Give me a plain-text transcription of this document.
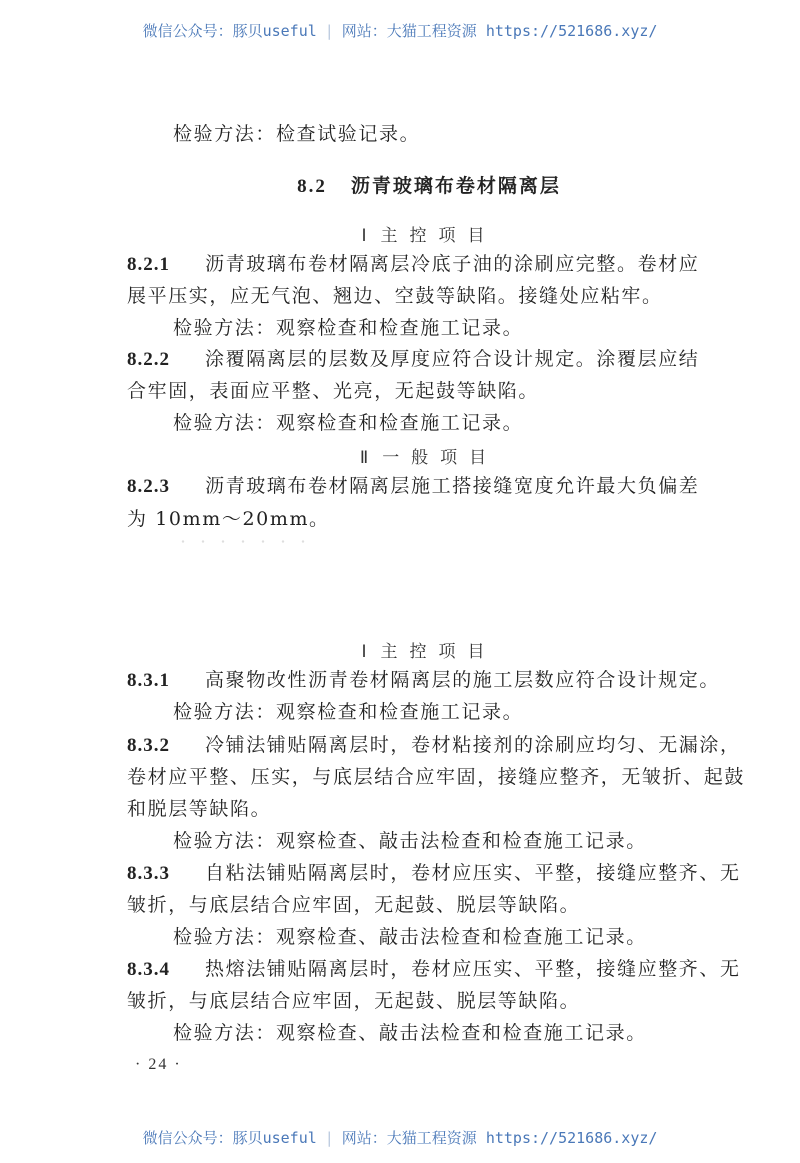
微信公众号：豚贝useful | 网站：大猫工程资源 https://521686.xyz/
检验方法：检查试验记录。
8.2 沥青玻璃布卷材隔离层
Ⅰ 主控项目
8.2.1 沥青玻璃布卷材隔离层冷底子油的涂刷应完整。卷材应
展平压实，应无气泡、翘边、空鼓等缺陷。接缝处应粘牢。
检验方法：观察检查和检查施工记录。
8.2.2 涂覆隔离层的层数及厚度应符合设计规定。涂覆层应结
合牢固，表面应平整、光亮，无起鼓等缺陷。
检验方法：观察检查和检查施工记录。
Ⅱ 一般项目
8.2.3 沥青玻璃布卷材隔离层施工搭接缝宽度允许最大负偏差
为 10mm～20mm。
Ⅰ 主控项目
8.3.1 高聚物改性沥青卷材隔离层的施工层数应符合设计规定。
检验方法：观察检查和检查施工记录。
8.3.2 冷铺法铺贴隔离层时，卷材粘接剂的涂刷应均匀、无漏涂，
卷材应平整、压实，与底层结合应牢固，接缝应整齐，无皱折、起鼓
和脱层等缺陷。
检验方法：观察检查、敲击法检查和检查施工记录。
8.3.3 自粘法铺贴隔离层时，卷材应压实、平整，接缝应整齐、无
皱折，与底层结合应牢固，无起鼓、脱层等缺陷。
检验方法：观察检查、敲击法检查和检查施工记录。
8.3.4 热熔法铺贴隔离层时，卷材应压实、平整，接缝应整齐、无
皱折，与底层结合应牢固，无起鼓、脱层等缺陷。
检验方法：观察检查、敲击法检查和检查施工记录。
· 24 ·
微信公众号：豚贝useful | 网站：大猫工程资源 https://521686.xyz/
